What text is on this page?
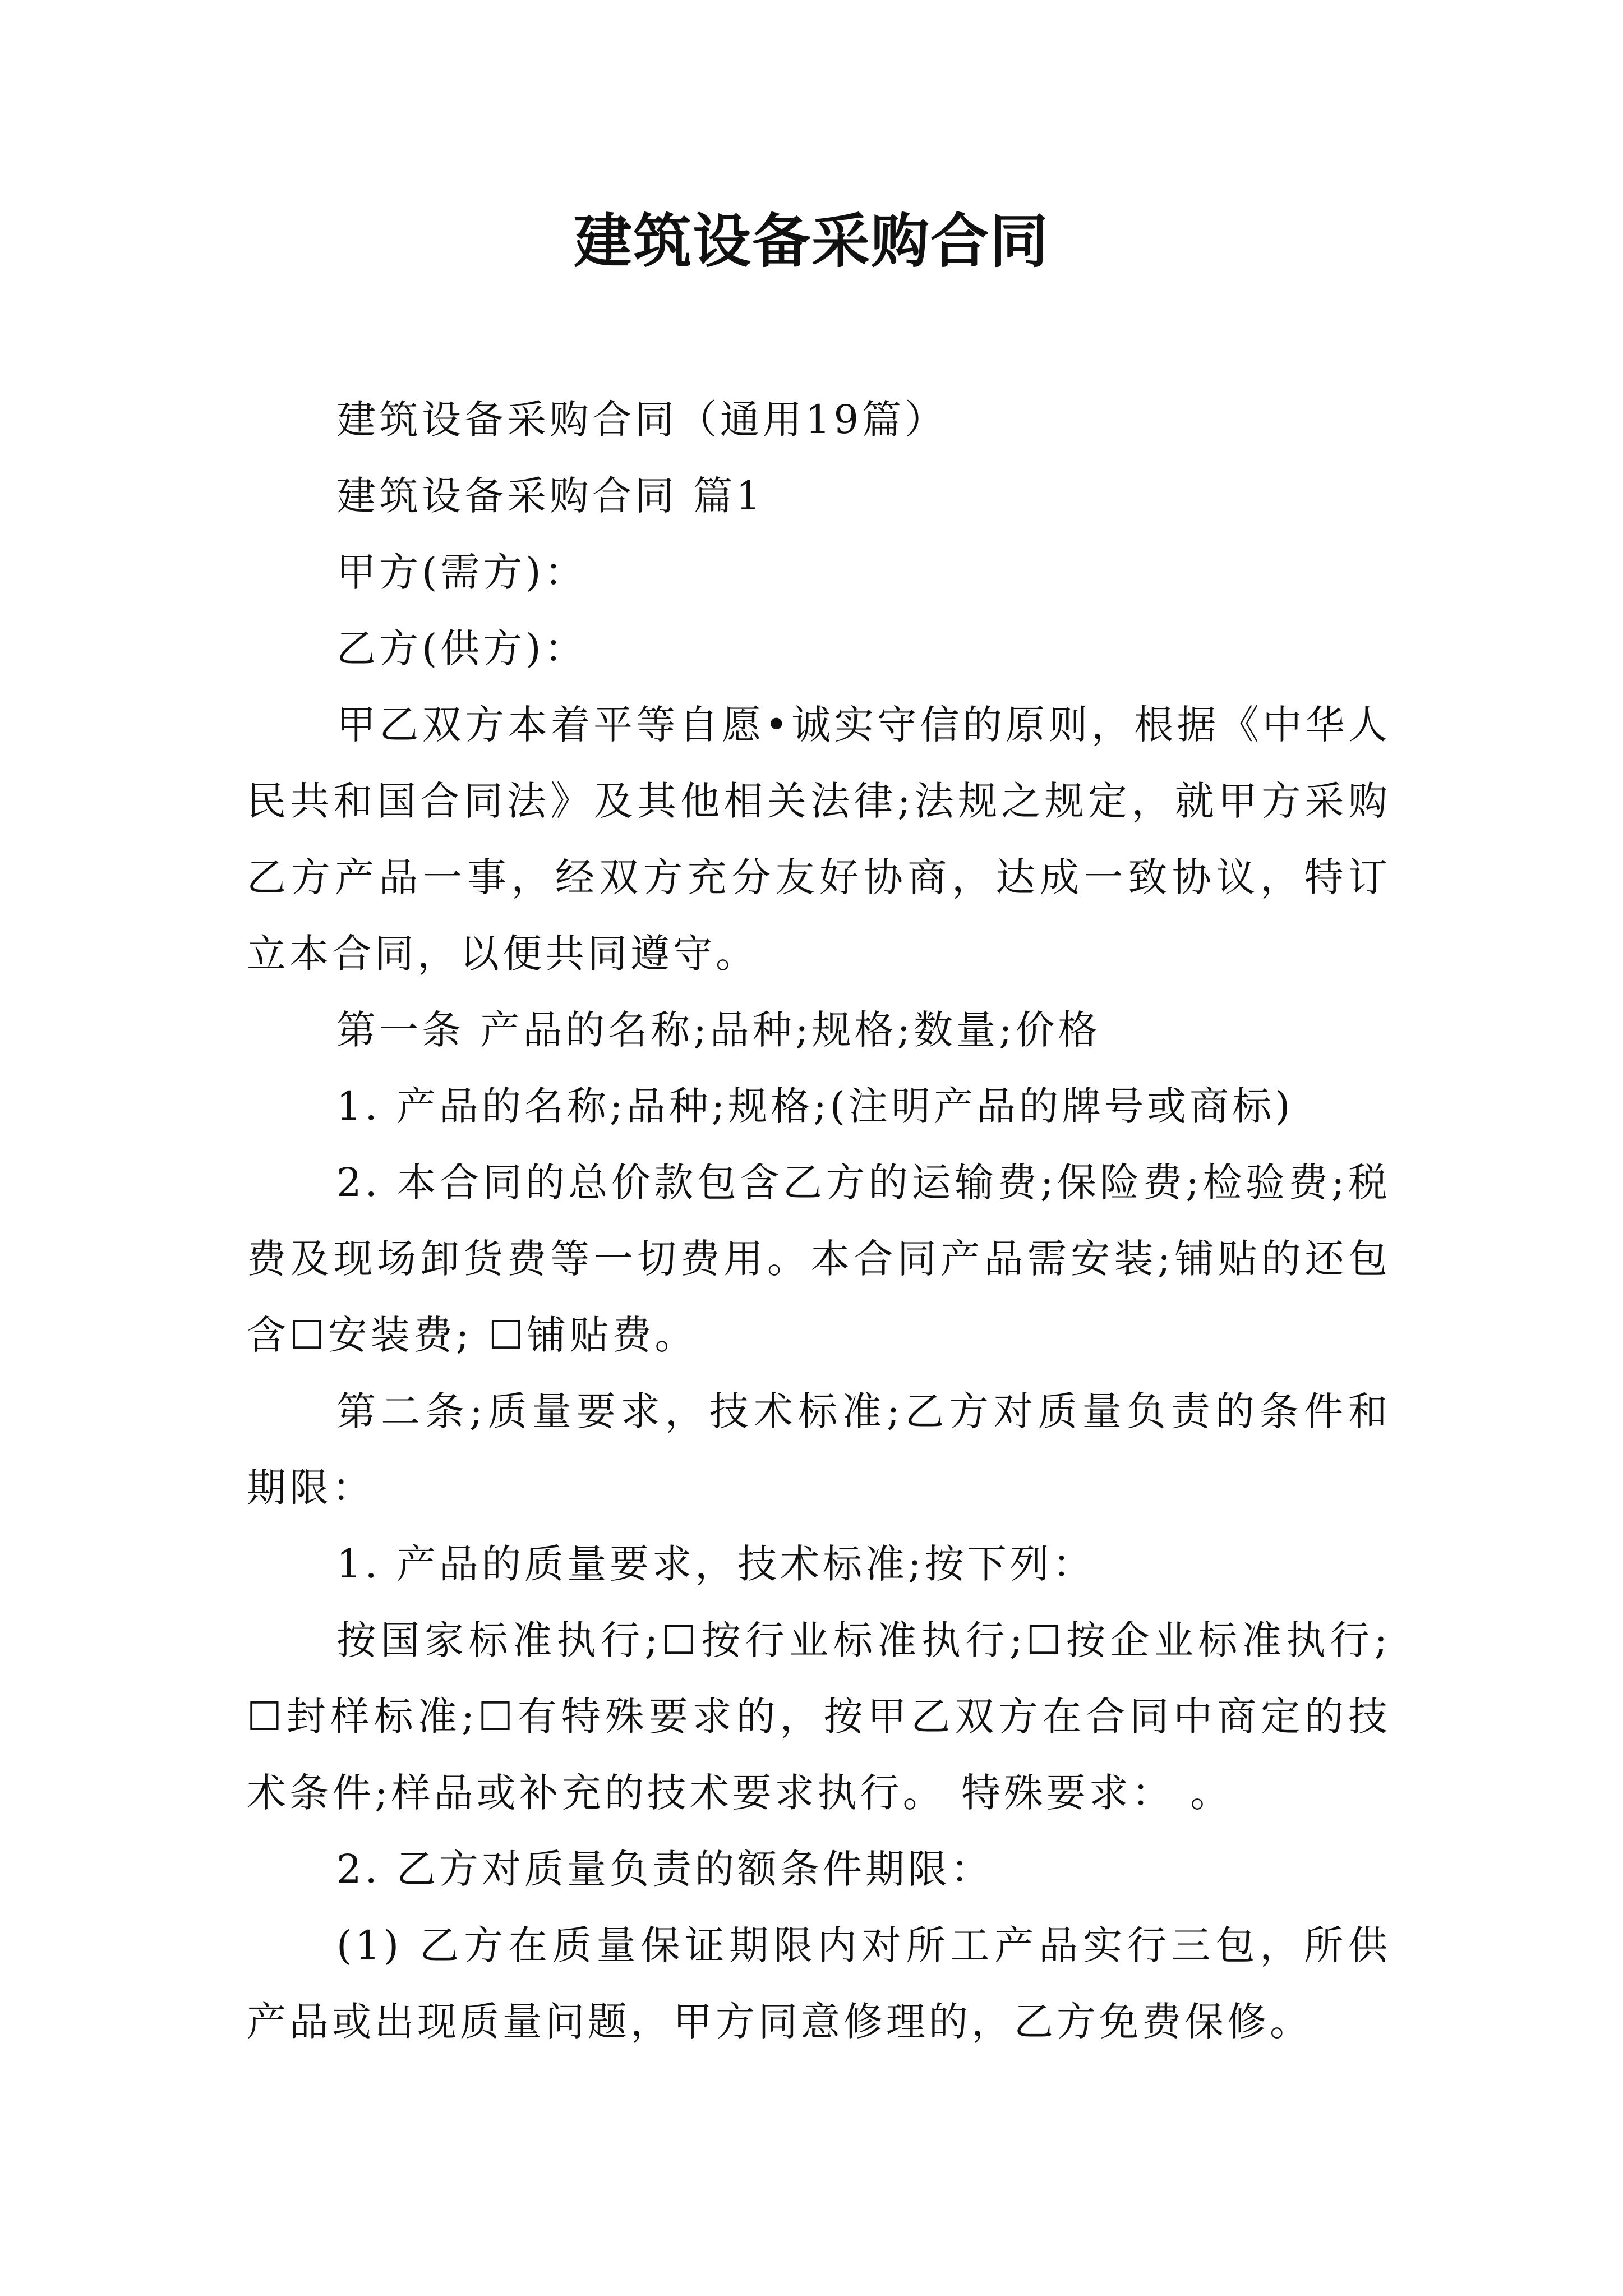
建筑设备采购合同

建筑设备采购合同（通用19篇）

建筑设备采购合同 篇1

甲方(需方)：

乙方(供方)：

甲乙双方本着平等自愿•诚实守信的原则，根据《中华人民共和国合同法》及其他相关法律;法规之规定，就甲方采购乙方产品一事，经双方充分友好协商，达成一致协议，特订立本合同，以便共同遵守。

第一条 产品的名称;品种;规格;数量;价格

1. 产品的名称;品种;规格;(注明产品的牌号或商标)

2. 本合同的总价款包含乙方的运输费;保险费;检验费;税费及现场卸货费等一切费用。本合同产品需安装;铺贴的还包含☐安装费; ☐铺贴费。

第二条;质量要求，技术标准;乙方对质量负责的条件和期限：

1. 产品的质量要求，技术标准;按下列：

按国家标准执行;☐按行业标准执行;☐按企业标准执行;☐封样标准;☐有特殊要求的，按甲乙双方在合同中商定的技术条件;样品或补充的技术要求执行。 特殊要求： 。

2. 乙方对质量负责的额条件期限：

(1) 乙方在质量保证期限内对所工产品实行三包，所供产品或出现质量问题，甲方同意修理的，乙方免费保修。
